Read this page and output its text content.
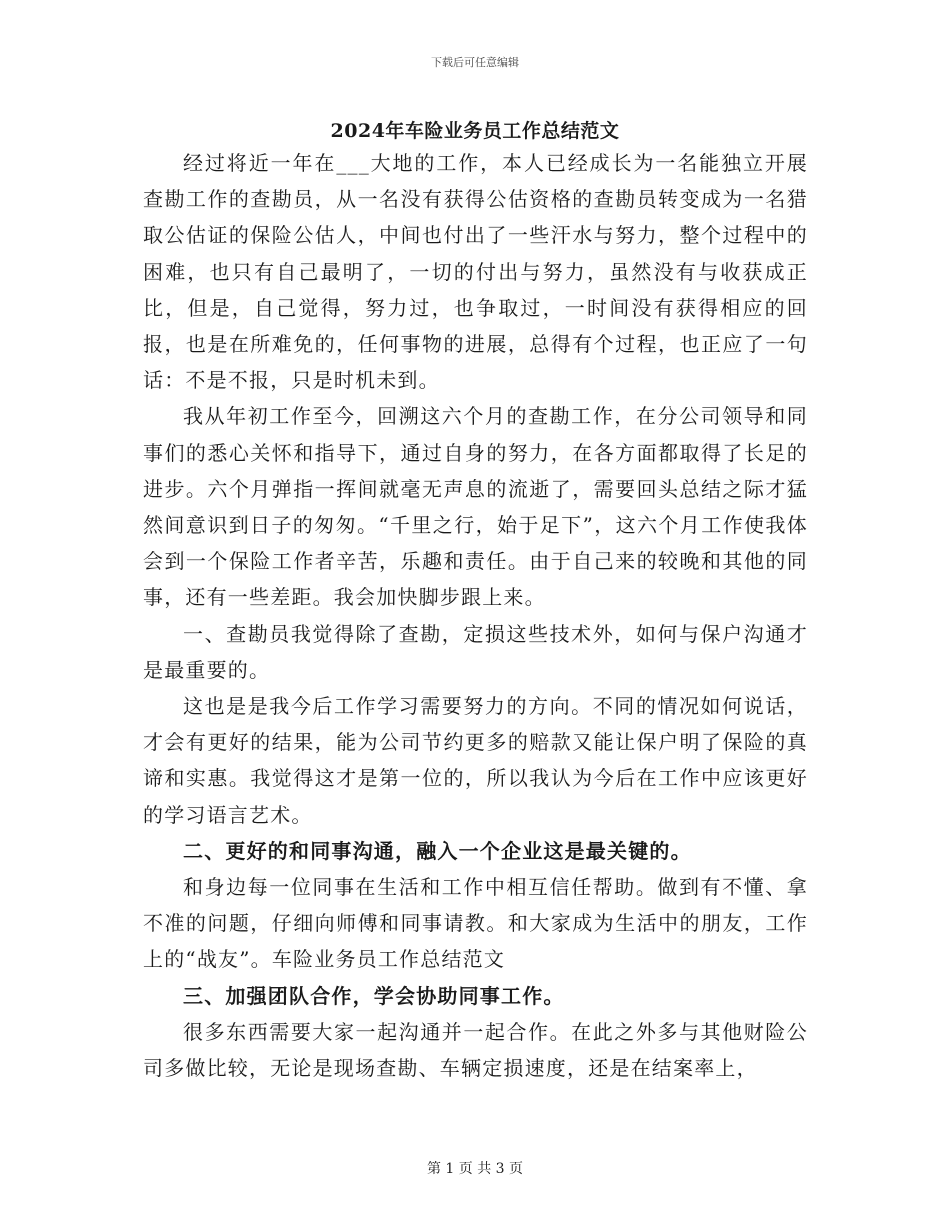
下载后可任意编辑
2024年车险业务员工作总结范文

经过将近一年在___大地的工作，本人已经成长为一名能独立开展查勘工作的查勘员，从一名没有获得公估资格的查勘员转变成为一名猎取公估证的保险公估人，中间也付出了一些汗水与努力，整个过程中的困难，也只有自己最明了，一切的付出与努力，虽然没有与收获成正比，但是，自己觉得，努力过，也争取过，一时间没有获得相应的回报，也是在所难免的，任何事物的进展，总得有个过程，也正应了一句话：不是不报，只是时机未到。

我从年初工作至今，回溯这六个月的查勘工作，在分公司领导和同事们的悉心关怀和指导下，通过自身的努力，在各方面都取得了长足的进步。六个月弹指一挥间就毫无声息的流逝了，需要回头总结之际才猛然间意识到日子的匆匆。“千里之行，始于足下”，这六个月工作使我体会到一个保险工作者辛苦，乐趣和责任。由于自己来的较晚和其他的同事，还有一些差距。我会加快脚步跟上来。

一、查勘员我觉得除了查勘，定损这些技术外，如何与保户沟通才是最重要的。

这也是是我今后工作学习需要努力的方向。不同的情况如何说话，才会有更好的结果，能为公司节约更多的赔款又能让保户明了保险的真谛和实惠。我觉得这才是第一位的，所以我认为今后在工作中应该更好的学习语言艺术。

二、更好的和同事沟通，融入一个企业这是最关键的。

和身边每一位同事在生活和工作中相互信任帮助。做到有不懂、拿不准的问题，仔细向师傅和同事请教。和大家成为生活中的朋友，工作上的“战友”。车险业务员工作总结范文

三、加强团队合作，学会协助同事工作。

很多东西需要大家一起沟通并一起合作。在此之外多与其他财险公司多做比较，无论是现场查勘、车辆定损速度，还是在结案率上，

第 1 页 共 3 页
